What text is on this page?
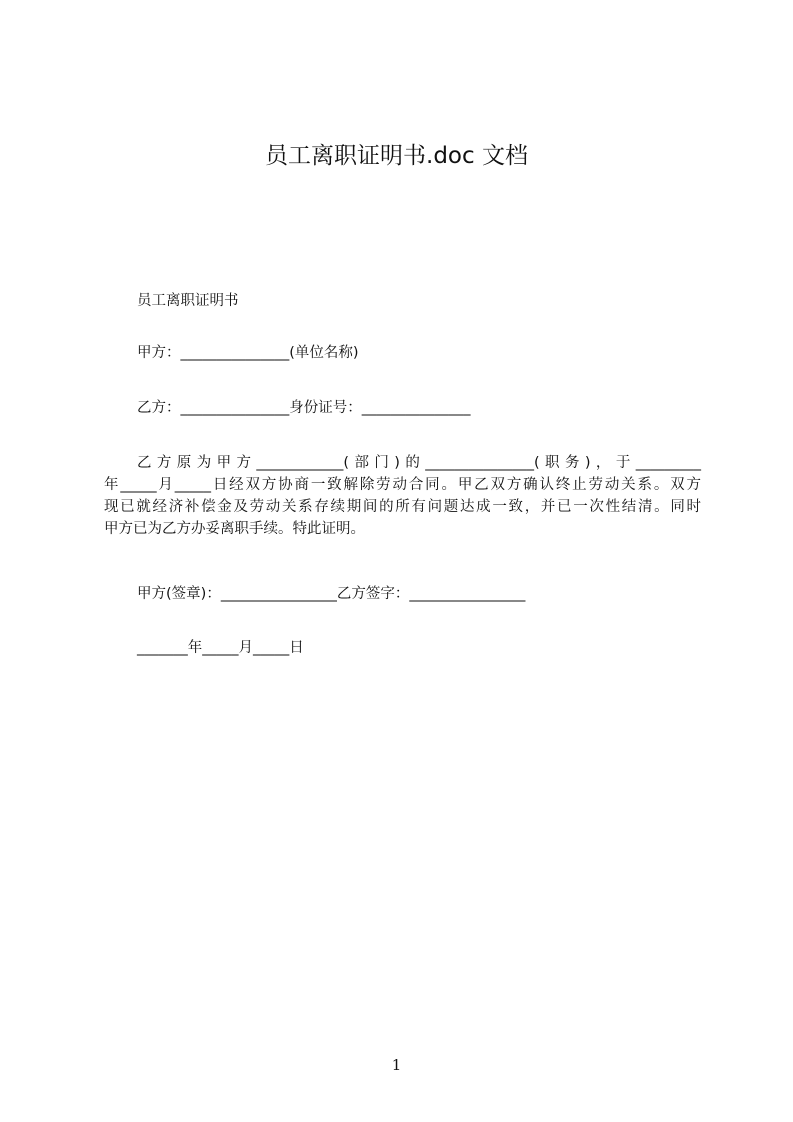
员工离职证明书.doc 文档
员工离职证明书
甲方：_______________(单位名称)
乙方：_______________身份证号：_______________
乙方原为甲方____________(部门)的_______________(职务)，于_________
年_____月_____日经双方协商一致解除劳动合同。甲乙双方确认终止劳动关系。双方
现已就经济补偿金及劳动关系存续期间的所有问题达成一致，并已一次性结清。同时
甲方已为乙方办妥离职手续。特此证明。
甲方(签章)：________________乙方签字：________________
_______年_____月_____日
1
